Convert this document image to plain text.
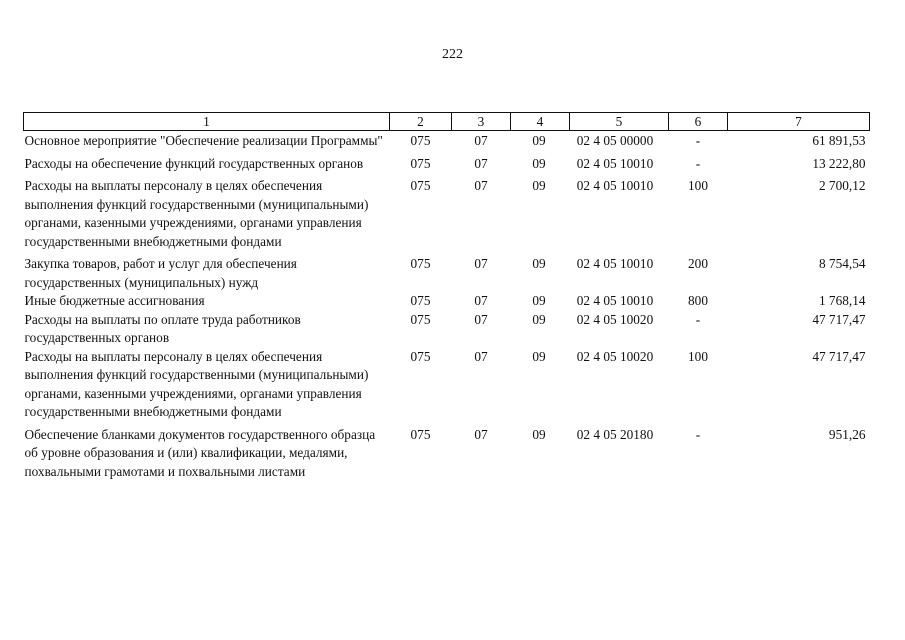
222
1	2	3	4	5	6	7
Основное мероприятие "Обеспечение реализации Программы"	075	07	09	02 4 05 00000	-	61 891,53
Расходы на обеспечение функций государственных органов	075	07	09	02 4 05 10010	-	13 222,80
Расходы на выплаты персоналу в целях обеспечения выполнения функций государственными (муниципальными) органами, казенными учреждениями, органами управления государственными внебюджетными фондами	075	07	09	02 4 05 10010	100	2 700,12
Закупка товаров, работ и услуг для обеспечения государственных (муниципальных) нужд	075	07	09	02 4 05 10010	200	8 754,54
Иные бюджетные ассигнования	075	07	09	02 4 05 10010	800	1 768,14
Расходы на выплаты по оплате труда работников государственных органов	075	07	09	02 4 05 10020	-	47 717,47
Расходы на выплаты персоналу в целях обеспечения выполнения функций государственными (муниципальными) органами, казенными учреждениями, органами управления государственными внебюджетными фондами	075	07	09	02 4 05 10020	100	47 717,47
Обеспечение бланками документов государственного образца об уровне образования и (или) квалификации, медалями, похвальными грамотами и похвальными листами	075	07	09	02 4 05 20180	-	951,26
